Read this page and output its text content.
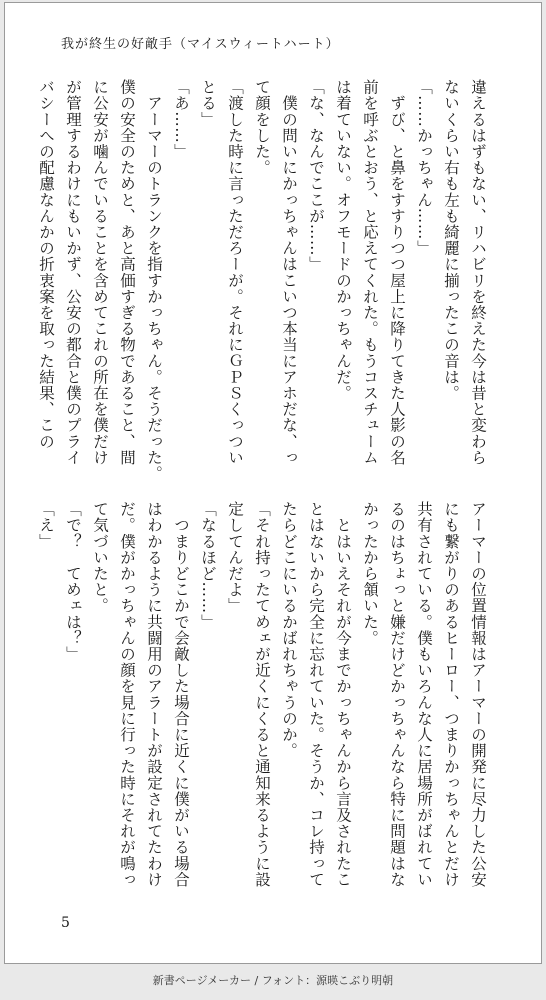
我が終生の好敵手（マイスウィートハート）
違えるはずもない、リハビリを終えた今は昔と変わら
ないくらい右も左も綺麗に揃ったこの音は。
「……かっちゃん……」
　ずび、と鼻をすすりつつ屋上に降りてきた人影の名
前を呼ぶとおう、と応えてくれた。もうコスチューム
は着ていない。オフモードのかっちゃんだ。
「な、なんでここが……」
　僕の問いにかっちゃんはこいつ本当にアホだな、っ
て顔をした。
「渡した時に言っただろーが。それにＧＰＳくっつい
とる」
「あ……」
　アーマーのトランクを指すかっちゃん。そうだった。
僕の安全のためと、あと高価すぎる物であること、間
に公安が噛んでいることを含めてこれの所在を僕だけ
が管理するわけにもいかず、公安の都合と僕のプライ
バシーへの配慮なんかの折衷案を取った結果、この
アーマーの位置情報はアーマーの開発に尽力した公安
にも繋がりのあるヒーロー、つまりかっちゃんとだけ
共有されている。僕もいろんな人に居場所がばれてい
るのはちょっと嫌だけどかっちゃんなら特に問題はな
かったから頷いた。
　とはいえそれが今までかっちゃんから言及されたこ
とはないから完全に忘れていた。そうか、コレ持って
たらどこにいるかばれちゃうのか。
「それ持ったてめェが近くにくると通知来るように設
定してんだよ」
「なるほど……」
　つまりどこかで会敵した場合に近くに僕がいる場合
はわかるように共闘用のアラートが設定されてたわけ
だ。僕がかっちゃんの顔を見に行った時にそれが鳴っ
て気づいたと。
「で？　てめェは？」
「え」
5
新書ページメーカー / フォント：源暎こぶり明朝
